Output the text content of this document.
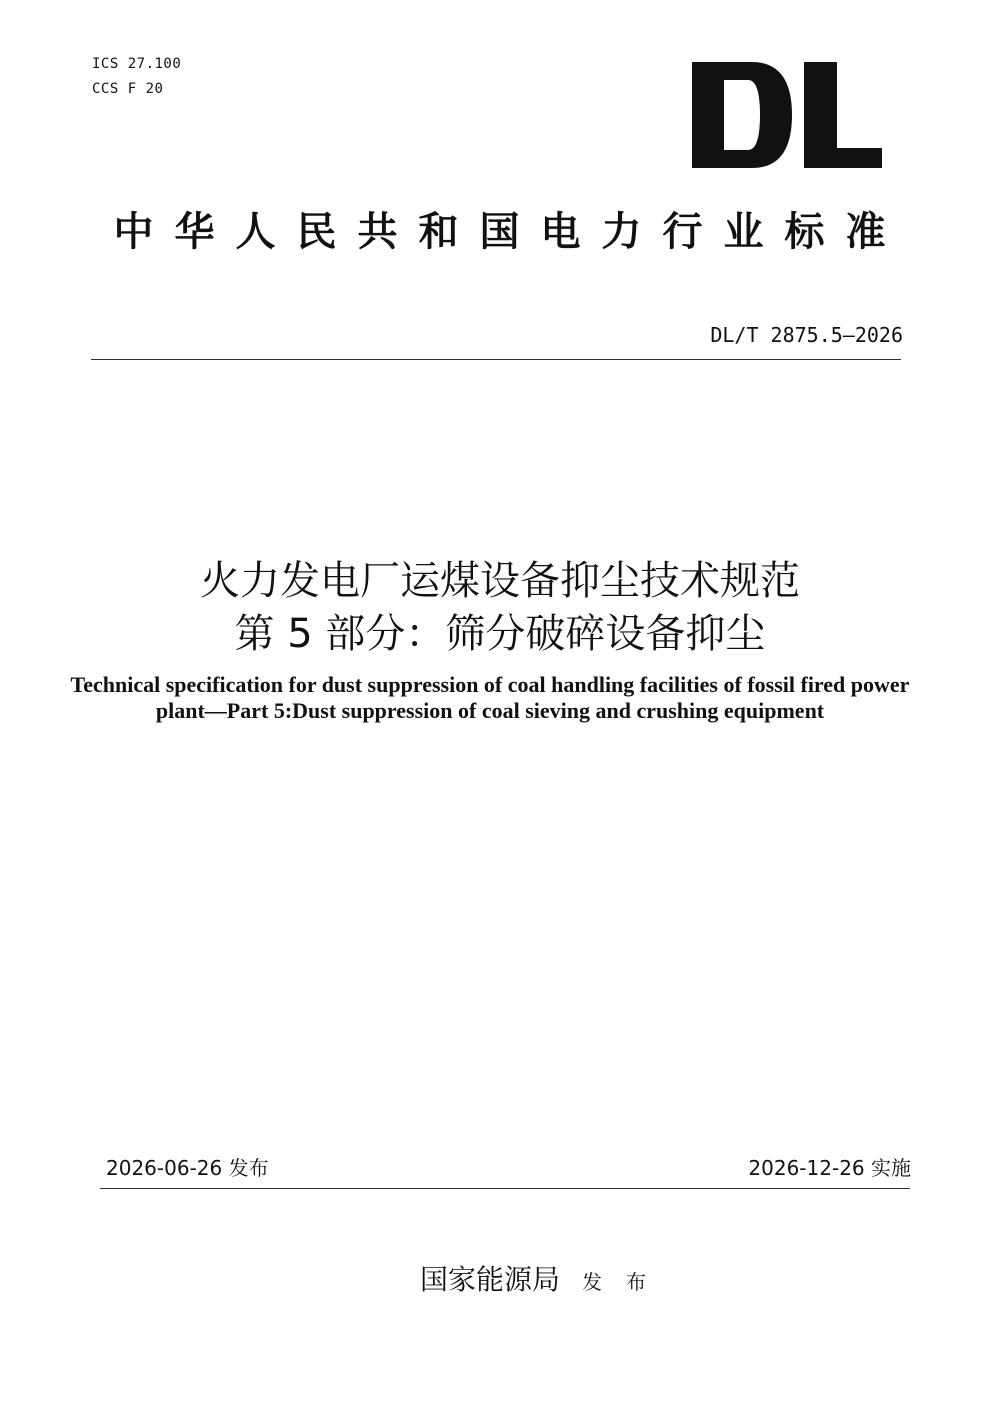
ICS 27.100
CCS F 20
中华人民共和国电力行业标准
DL/T 2875.5—2026
火力发电厂运煤设备抑尘技术规范
第 5 部分：筛分破碎设备抑尘
Technical specification for dust suppression of coal handling facilities of fossil fired power plant—Part 5:Dust suppression of coal sieving and crushing equipment
2026-06-26 发布	2026-12-26 实施
国家能源局 发布
